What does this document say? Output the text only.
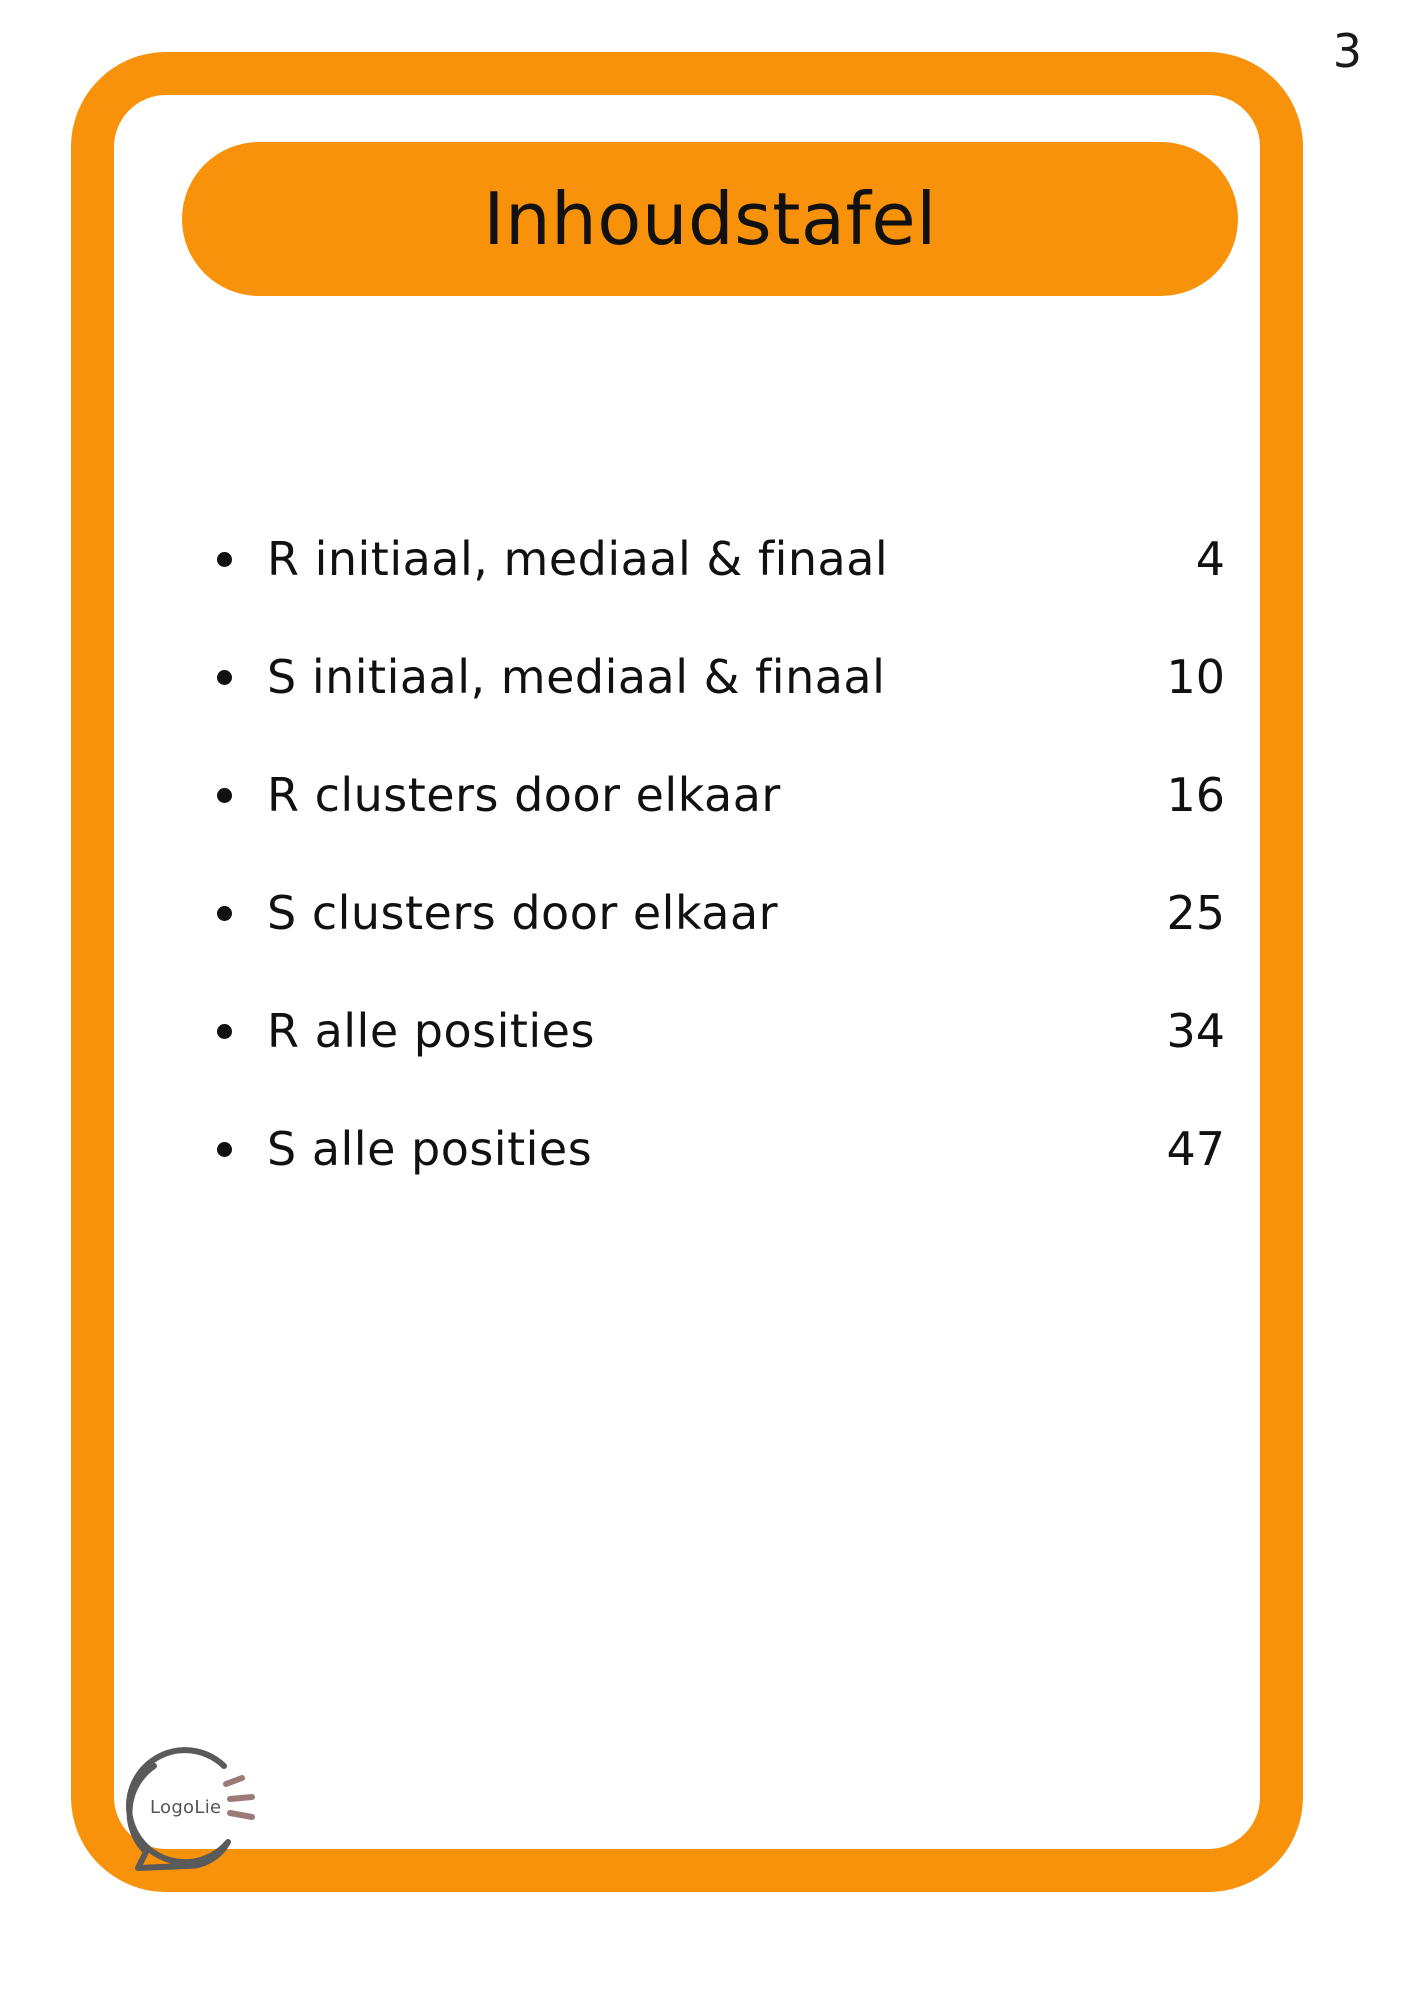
3
Inhoudstafel
R initiaal, mediaal & finaal	4
S initiaal, mediaal & finaal	10
R clusters door elkaar	16
S clusters door elkaar	25
R alle posities	34
S alle posities	47
LogoLie
